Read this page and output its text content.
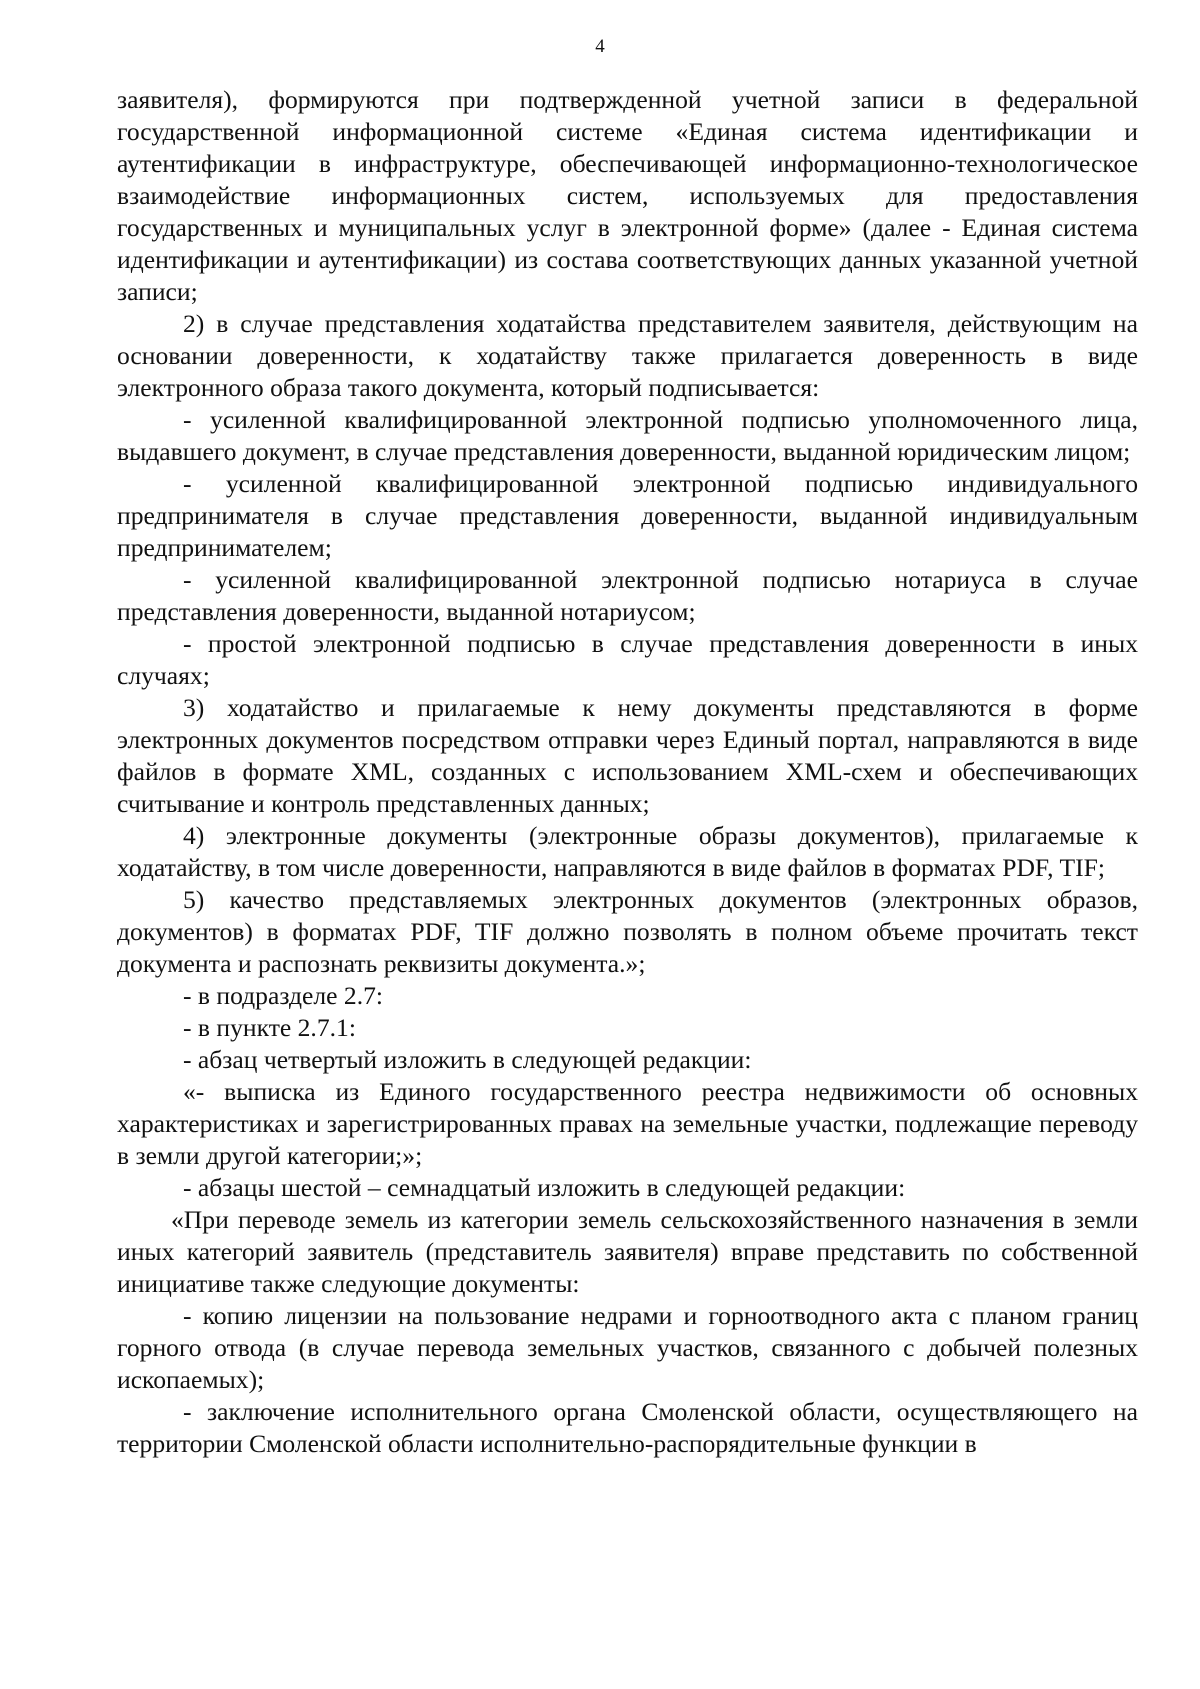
4

заявителя), формируются при подтвержденной учетной записи в федеральной государственной информационной системе «Единая система идентификации и аутентификации в инфраструктуре, обеспечивающей информационно-технологическое взаимодействие информационных систем, используемых для предоставления государственных и муниципальных услуг в электронной форме» (далее - Единая система идентификации и аутентификации) из состава соответствующих данных указанной учетной записи;

2) в случае представления ходатайства представителем заявителя, действующим на основании доверенности, к ходатайству также прилагается доверенность в виде электронного образа такого документа, который подписывается:

- усиленной квалифицированной электронной подписью уполномоченного лица, выдавшего документ, в случае представления доверенности, выданной юридическим лицом;

- усиленной квалифицированной электронной подписью индивидуального предпринимателя в случае представления доверенности, выданной индивидуальным предпринимателем;

- усиленной квалифицированной электронной подписью нотариуса в случае представления доверенности, выданной нотариусом;

- простой электронной подписью в случае представления доверенности в иных случаях;

3) ходатайство и прилагаемые к нему документы представляются в форме электронных документов посредством отправки через Единый портал, направляются в виде файлов в формате XML, созданных с использованием XML-схем и обеспечивающих считывание и контроль представленных данных;

4) электронные документы (электронные образы документов), прилагаемые к ходатайству, в том числе доверенности, направляются в виде файлов в форматах PDF, TIF;

5) качество представляемых электронных документов (электронных образов, документов) в форматах PDF, TIF должно позволять в полном объеме прочитать текст документа и распознать реквизиты документа.»;

- в подразделе 2.7:

- в пункте 2.7.1:

- абзац четвертый изложить в следующей редакции:

«- выписка из Единого государственного реестра недвижимости об основных характеристиках и зарегистрированных правах на земельные участки, подлежащие переводу в земли другой категории;»;

- абзацы шестой – семнадцатый изложить в следующей редакции:

«При переводе земель из категории земель сельскохозяйственного назначения в земли иных категорий заявитель (представитель заявителя) вправе представить по собственной инициативе также следующие документы:

- копию лицензии на пользование недрами и горноотводного акта с планом границ горного отвода (в случае перевода земельных участков, связанного с добычей полезных ископаемых);

- заключение исполнительного органа Смоленской области, осуществляющего на территории Смоленской области исполнительно-распорядительные функции в
